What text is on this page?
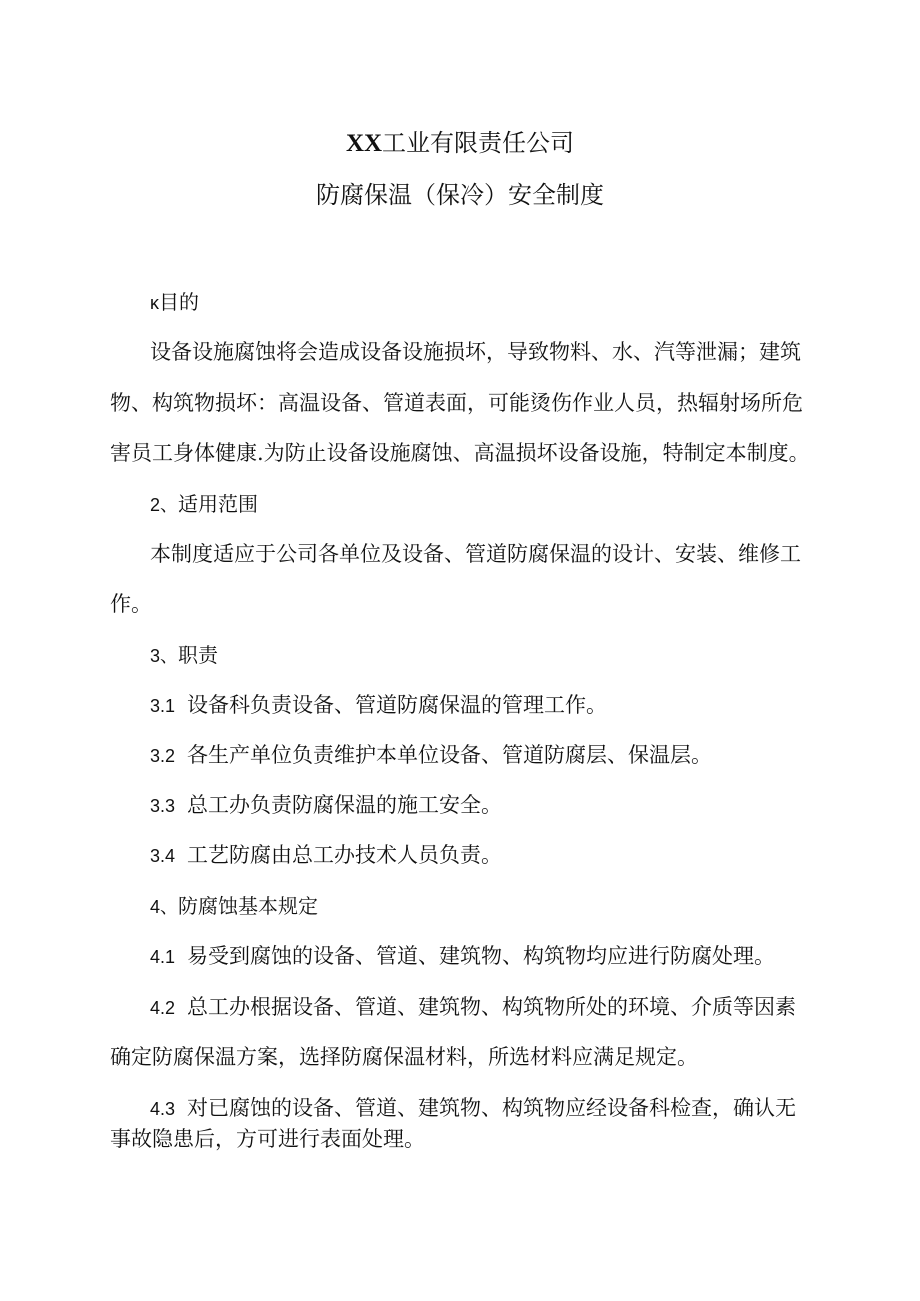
XX工业有限责任公司
防腐保温（保冷）安全制度
κ目的
设备设施腐蚀将会造成设备设施损坏，导致物料、水、汽等泄漏；建筑
物、构筑物损坏：高温设备、管道表面，可能烫伤作业人员，热辐射场所危
害员工身体健康.为防止设备设施腐蚀、高温损坏设备设施，特制定本制度。
2、适用范围
本制度适应于公司各单位及设备、管道防腐保温的设计、安装、维修工
作。
3、职责
3.1 设备科负责设备、管道防腐保温的管理工作。
3.2 各生产单位负责维护本单位设备、管道防腐层、保温层。
3.3 总工办负责防腐保温的施工安全。
3.4 工艺防腐由总工办技术人员负责。
4、防腐蚀基本规定
4.1 易受到腐蚀的设备、管道、建筑物、构筑物均应进行防腐处理。
4.2 总工办根据设备、管道、建筑物、构筑物所处的环境、介质等因素
确定防腐保温方案，选择防腐保温材料，所选材料应满足规定。
4.3 对已腐蚀的设备、管道、建筑物、构筑物应经设备科检查，确认无
事故隐患后，方可进行表面处理。
